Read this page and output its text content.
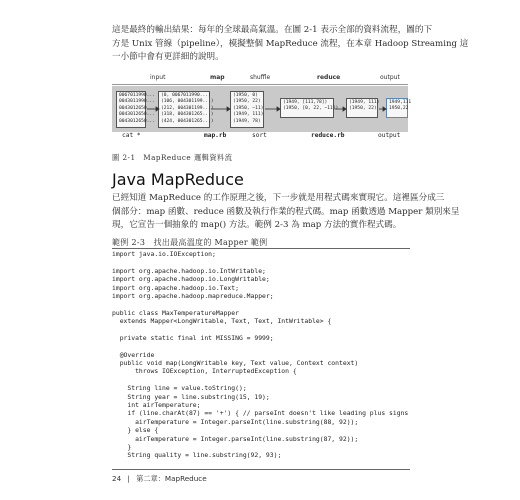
這是最終的輸出結果：每年的全球最高氣溫。在圖 2-1 表示全部的資料流程，圖的下
方是 Unix 管線（pipeline），模擬整個 MapReduce 流程，在本章 Hadoop Streaming 這
一小節中會有更詳細的說明。
input	map	shuffle	reduce	output
0067011990...
0043011990...
0043012650...
0043012650...
0043012650...
(0, 0067011990...)
(106, 004301199...)
(212, 004301199...)
(318, 004301265...)
(424, 004301265...)
(1950, 0)
(1950, 22)
(1950, −11)
(1949, 111)
(1949, 78)
(1949, [111,78])
(1950, [0, 22, −11])
(1949, 111)
(1950, 22)
1949,111
1950,22
cat *	map.rb	sort	reduce.rb	output
圖 2-1　MapReduce 邏輯資料流
Java MapReduce
已經知道 MapReduce 的工作原理之後，下一步就是用程式碼來實現它。這裡區分成三
個部分：map 函數、reduce 函數及執行作業的程式碼。map 函數透過 Mapper 類別來呈
現，它宣告一個抽象的 map() 方法。範例 2-3 為 map 方法的實作程式碼。
範例 2-3　找出最高溫度的 Mapper 範例
import java.io.IOException;
import org.apache.hadoop.io.IntWritable;
import org.apache.hadoop.io.LongWritable;
import org.apache.hadoop.io.Text;
import org.apache.hadoop.mapreduce.Mapper;
public class MaxTemperatureMapper
extends Mapper<LongWritable, Text, Text, IntWritable> {
private static final int MISSING = 9999;
@Override
public void map(LongWritable key, Text value, Context context)
throws IOException, InterruptedException {
String line = value.toString();
String year = line.substring(15, 19);
int airTemperature;
if (line.charAt(87) == '+') { // parseInt doesn't like leading plus signs
airTemperature = Integer.parseInt(line.substring(88, 92));
} else {
airTemperature = Integer.parseInt(line.substring(87, 92));
}
String quality = line.substring(92, 93);
24 | 第二章：MapReduce
